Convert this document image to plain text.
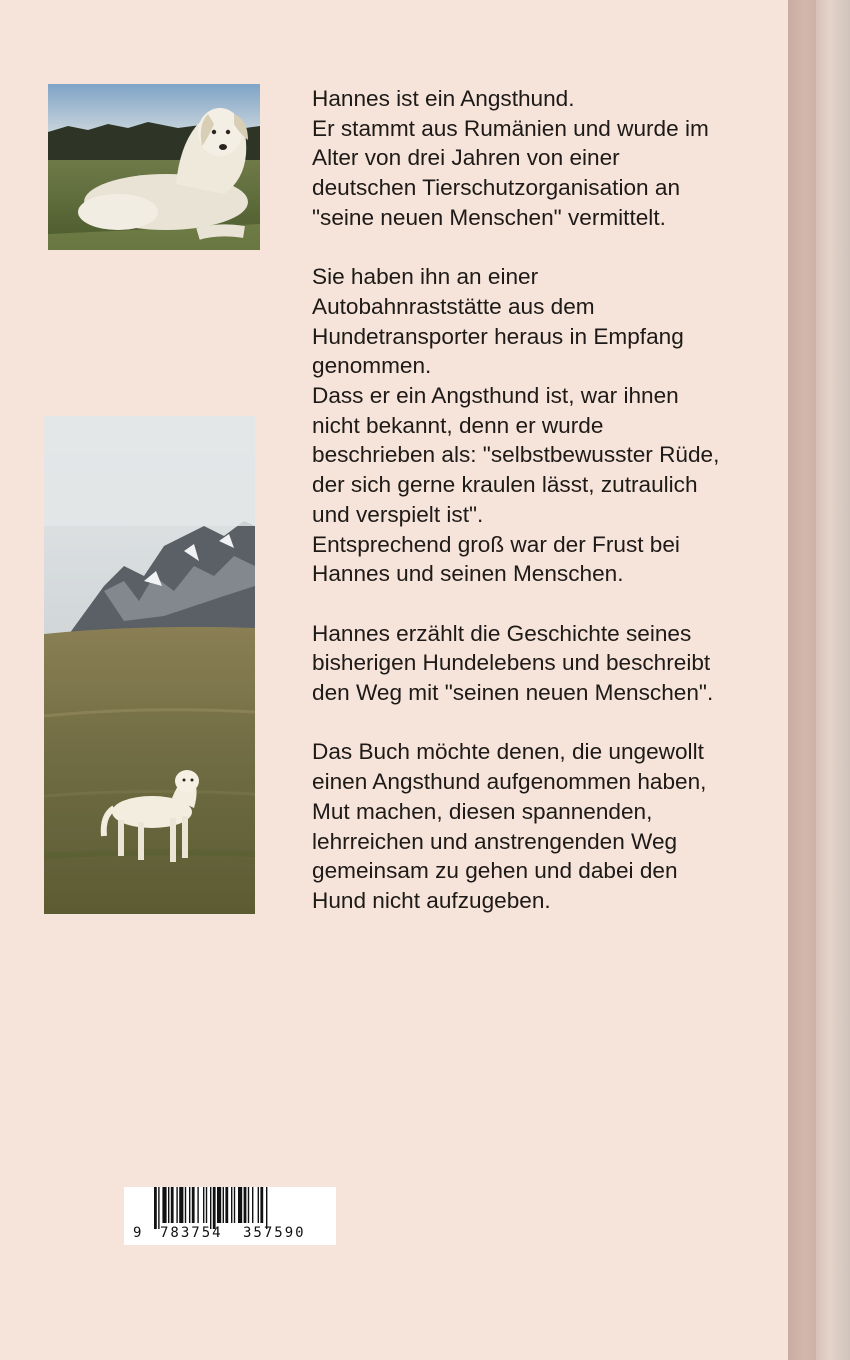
Hannes ist ein Angsthund.
Er stammt aus Rumänien und wurde im
Alter von drei Jahren von einer
deutschen Tierschutzorganisation an
"seine neuen Menschen" vermittelt.

Sie haben ihn an einer
Autobahnraststätte aus dem
Hundetransporter heraus in Empfang
genommen.
Dass er ein Angsthund ist, war ihnen
nicht bekannt, denn er wurde
beschrieben als: "selbstbewusster Rüde,
der sich gerne kraulen lässt, zutraulich
und verspielt ist".
Entsprechend groß war der Frust bei
Hannes und seinen Menschen.

Hannes erzählt die Geschichte seines
bisherigen Hundelebens und beschreibt
den Weg mit "seinen neuen Menschen".

Das Buch möchte denen, die ungewollt
einen Angsthund aufgenommen haben,
Mut machen, diesen spannenden,
lehrreichen und anstrengenden Weg
gemeinsam zu gehen und dabei den
Hund nicht aufzugeben.

9 783754 357590
